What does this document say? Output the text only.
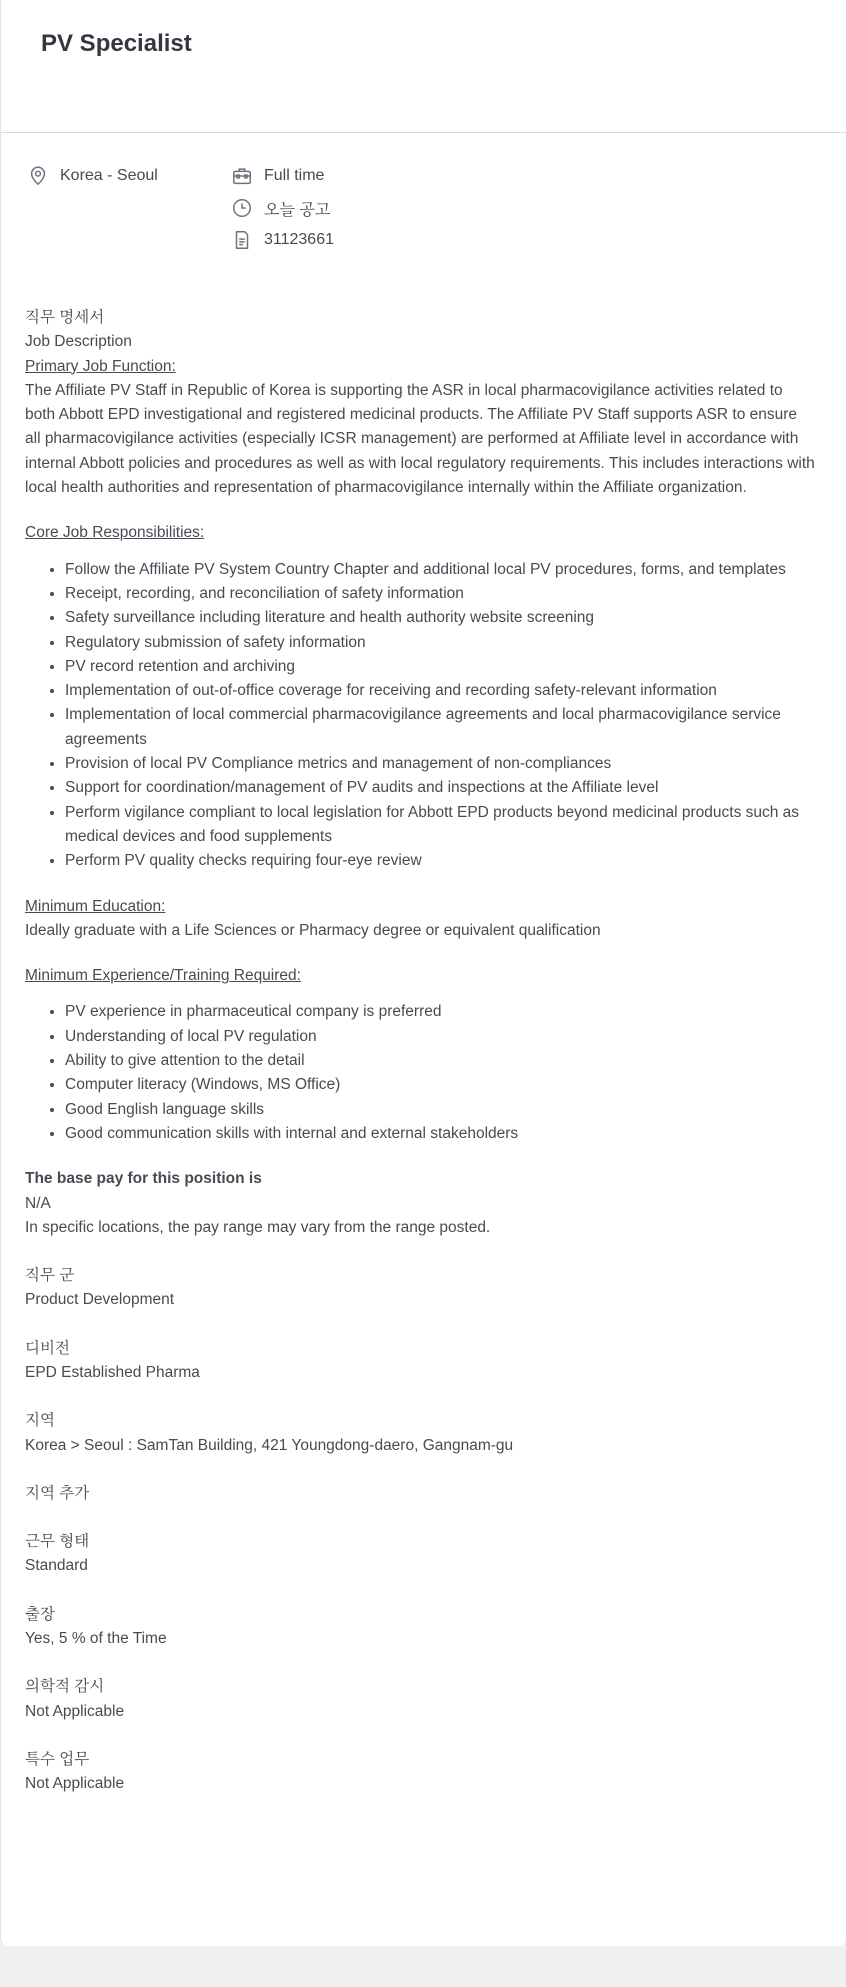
PV Specialist
Korea - Seoul	Full time
오늘 공고
31123661

직무 명세서

Job Description

Primary Job Function:

The Affiliate PV Staff in Republic of Korea is supporting the ASR in local pharmacovigilance activities related to both Abbott EPD investigational and registered medicinal products. The Affiliate PV Staff supports ASR to ensure all pharmacovigilance activities (especially ICSR management) are performed at Affiliate level in accordance with internal Abbott policies and procedures as well as with local regulatory requirements. This includes interactions with local health authorities and representation of pharmacovigilance internally within the Affiliate organization.

Core Job Responsibilities:

• Follow the Affiliate PV System Country Chapter and additional local PV procedures, forms, and templates
• Receipt, recording, and reconciliation of safety information
• Safety surveillance including literature and health authority website screening
• Regulatory submission of safety information
• PV record retention and archiving
• Implementation of out-of-office coverage for receiving and recording safety-relevant information
• Implementation of local commercial pharmacovigilance agreements and local pharmacovigilance service agreements
• Provision of local PV Compliance metrics and management of non-compliances
• Support for coordination/management of PV audits and inspections at the Affiliate level
• Perform vigilance compliant to local legislation for Abbott EPD products beyond medicinal products such as medical devices and food supplements
• Perform PV quality checks requiring four-eye review

Minimum Education:

Ideally graduate with a Life Sciences or Pharmacy degree or equivalent qualification

Minimum Experience/Training Required:

• PV experience in pharmaceutical company is preferred
• Understanding of local PV regulation
• Ability to give attention to the detail
• Computer literacy (Windows, MS Office)
• Good English language skills
• Good communication skills with internal and external stakeholders

The base pay for this position is

N/A

In specific locations, the pay range may vary from the range posted.

직무 군

Product Development

디비전

EPD Established Pharma

지역

Korea > Seoul : SamTan Building, 421 Youngdong-daero, Gangnam-gu

지역 추가

근무 형태

Standard

출장

Yes, 5 % of the Time

의학적 감시

Not Applicable

특수 업무

Not Applicable
